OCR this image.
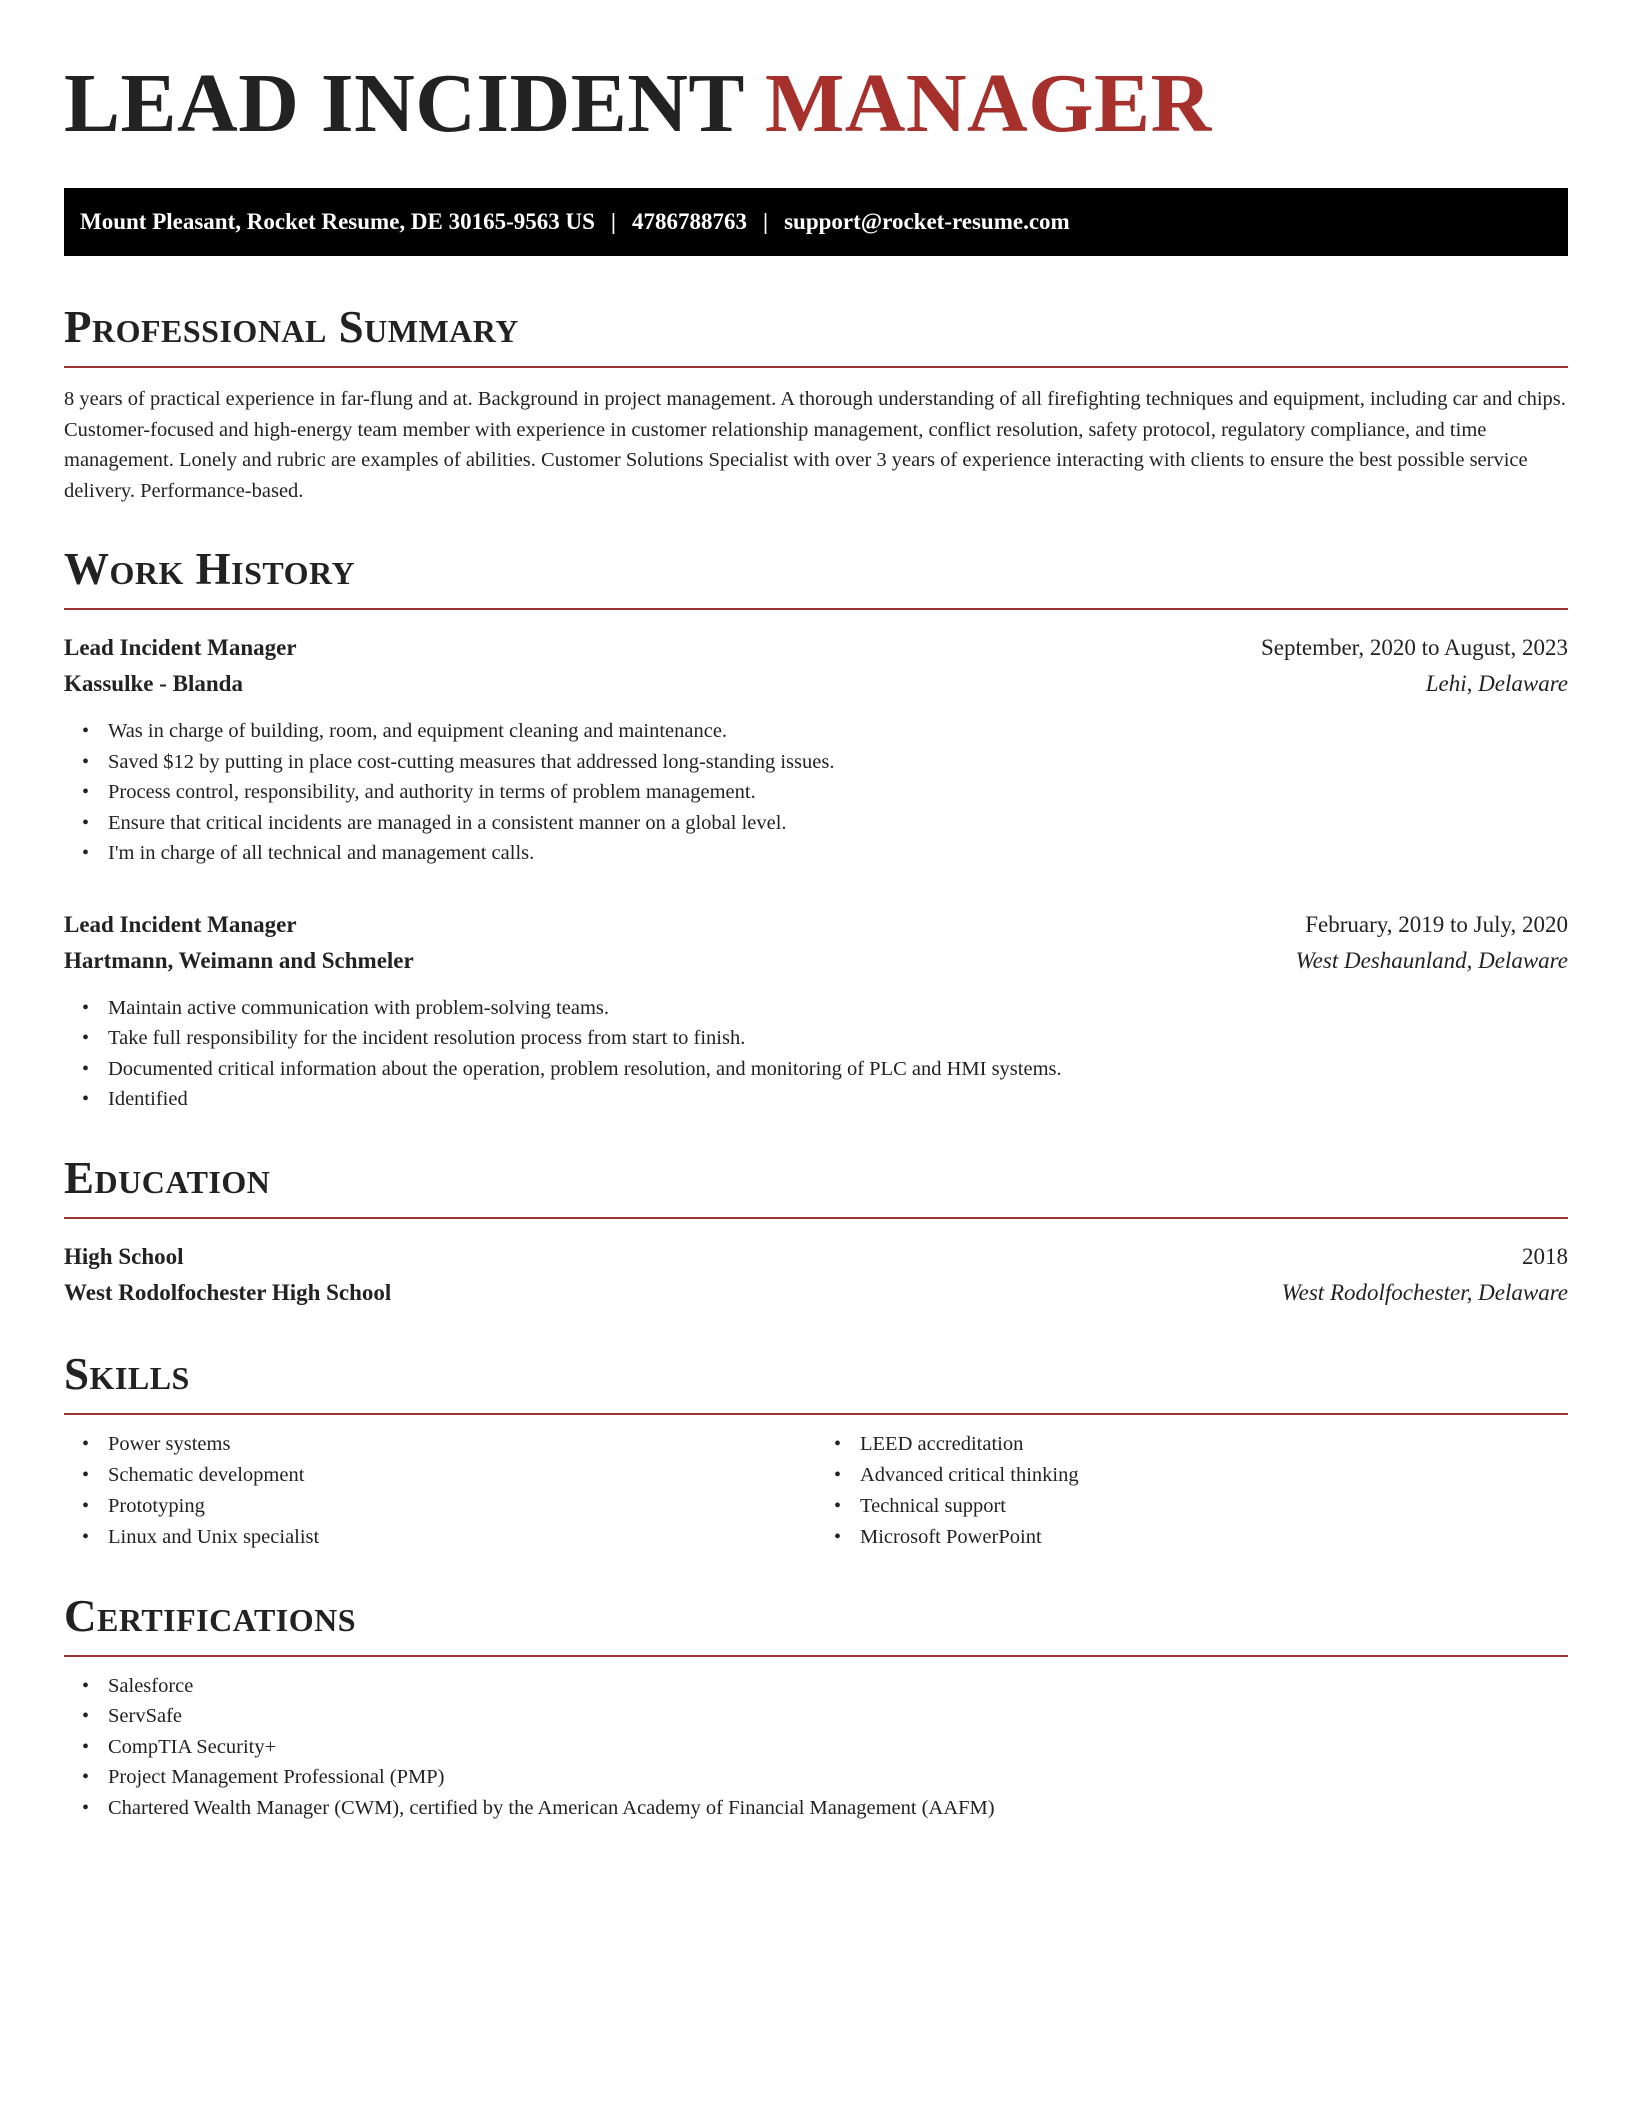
LEAD INCIDENT MANAGER
Mount Pleasant, Rocket Resume, DE 30165-9563 US | 4786788763 | support@rocket-resume.com
Professional Summary

8 years of practical experience in far-flung and at. Background in project management. A thorough understanding of all firefighting techniques and equipment, including car and chips. Customer-focused and high-energy team member with experience in customer relationship management, conflict resolution, safety protocol, regulatory compliance, and time management. Lonely and rubric are examples of abilities. Customer Solutions Specialist with over 3 years of experience interacting with clients to ensure the best possible service delivery. Performance-based.

Work History
Lead Incident Manager	September, 2020 to August, 2023
Kassulke - Blanda	Lehi, Delaware
• Was in charge of building, room, and equipment cleaning and maintenance.
• Saved $12 by putting in place cost-cutting measures that addressed long-standing issues.
• Process control, responsibility, and authority in terms of problem management.
• Ensure that critical incidents are managed in a consistent manner on a global level.
• I'm in charge of all technical and management calls.
Lead Incident Manager	February, 2019 to July, 2020
Hartmann, Weimann and Schmeler	West Deshaunland, Delaware
• Maintain active communication with problem-solving teams.
• Take full responsibility for the incident resolution process from start to finish.
• Documented critical information about the operation, problem resolution, and monitoring of PLC and HMI systems.
• Identified
Education
High School	2018
West Rodolfochester High School	West Rodolfochester, Delaware
Skills
• Power systems
• Schematic development
• Prototyping
• Linux and Unix specialist
• LEED accreditation
• Advanced critical thinking
• Technical support
• Microsoft PowerPoint
Certifications
• Salesforce
• ServSafe
• CompTIA Security+
• Project Management Professional (PMP)
• Chartered Wealth Manager (CWM), certified by the American Academy of Financial Management (AAFM)
